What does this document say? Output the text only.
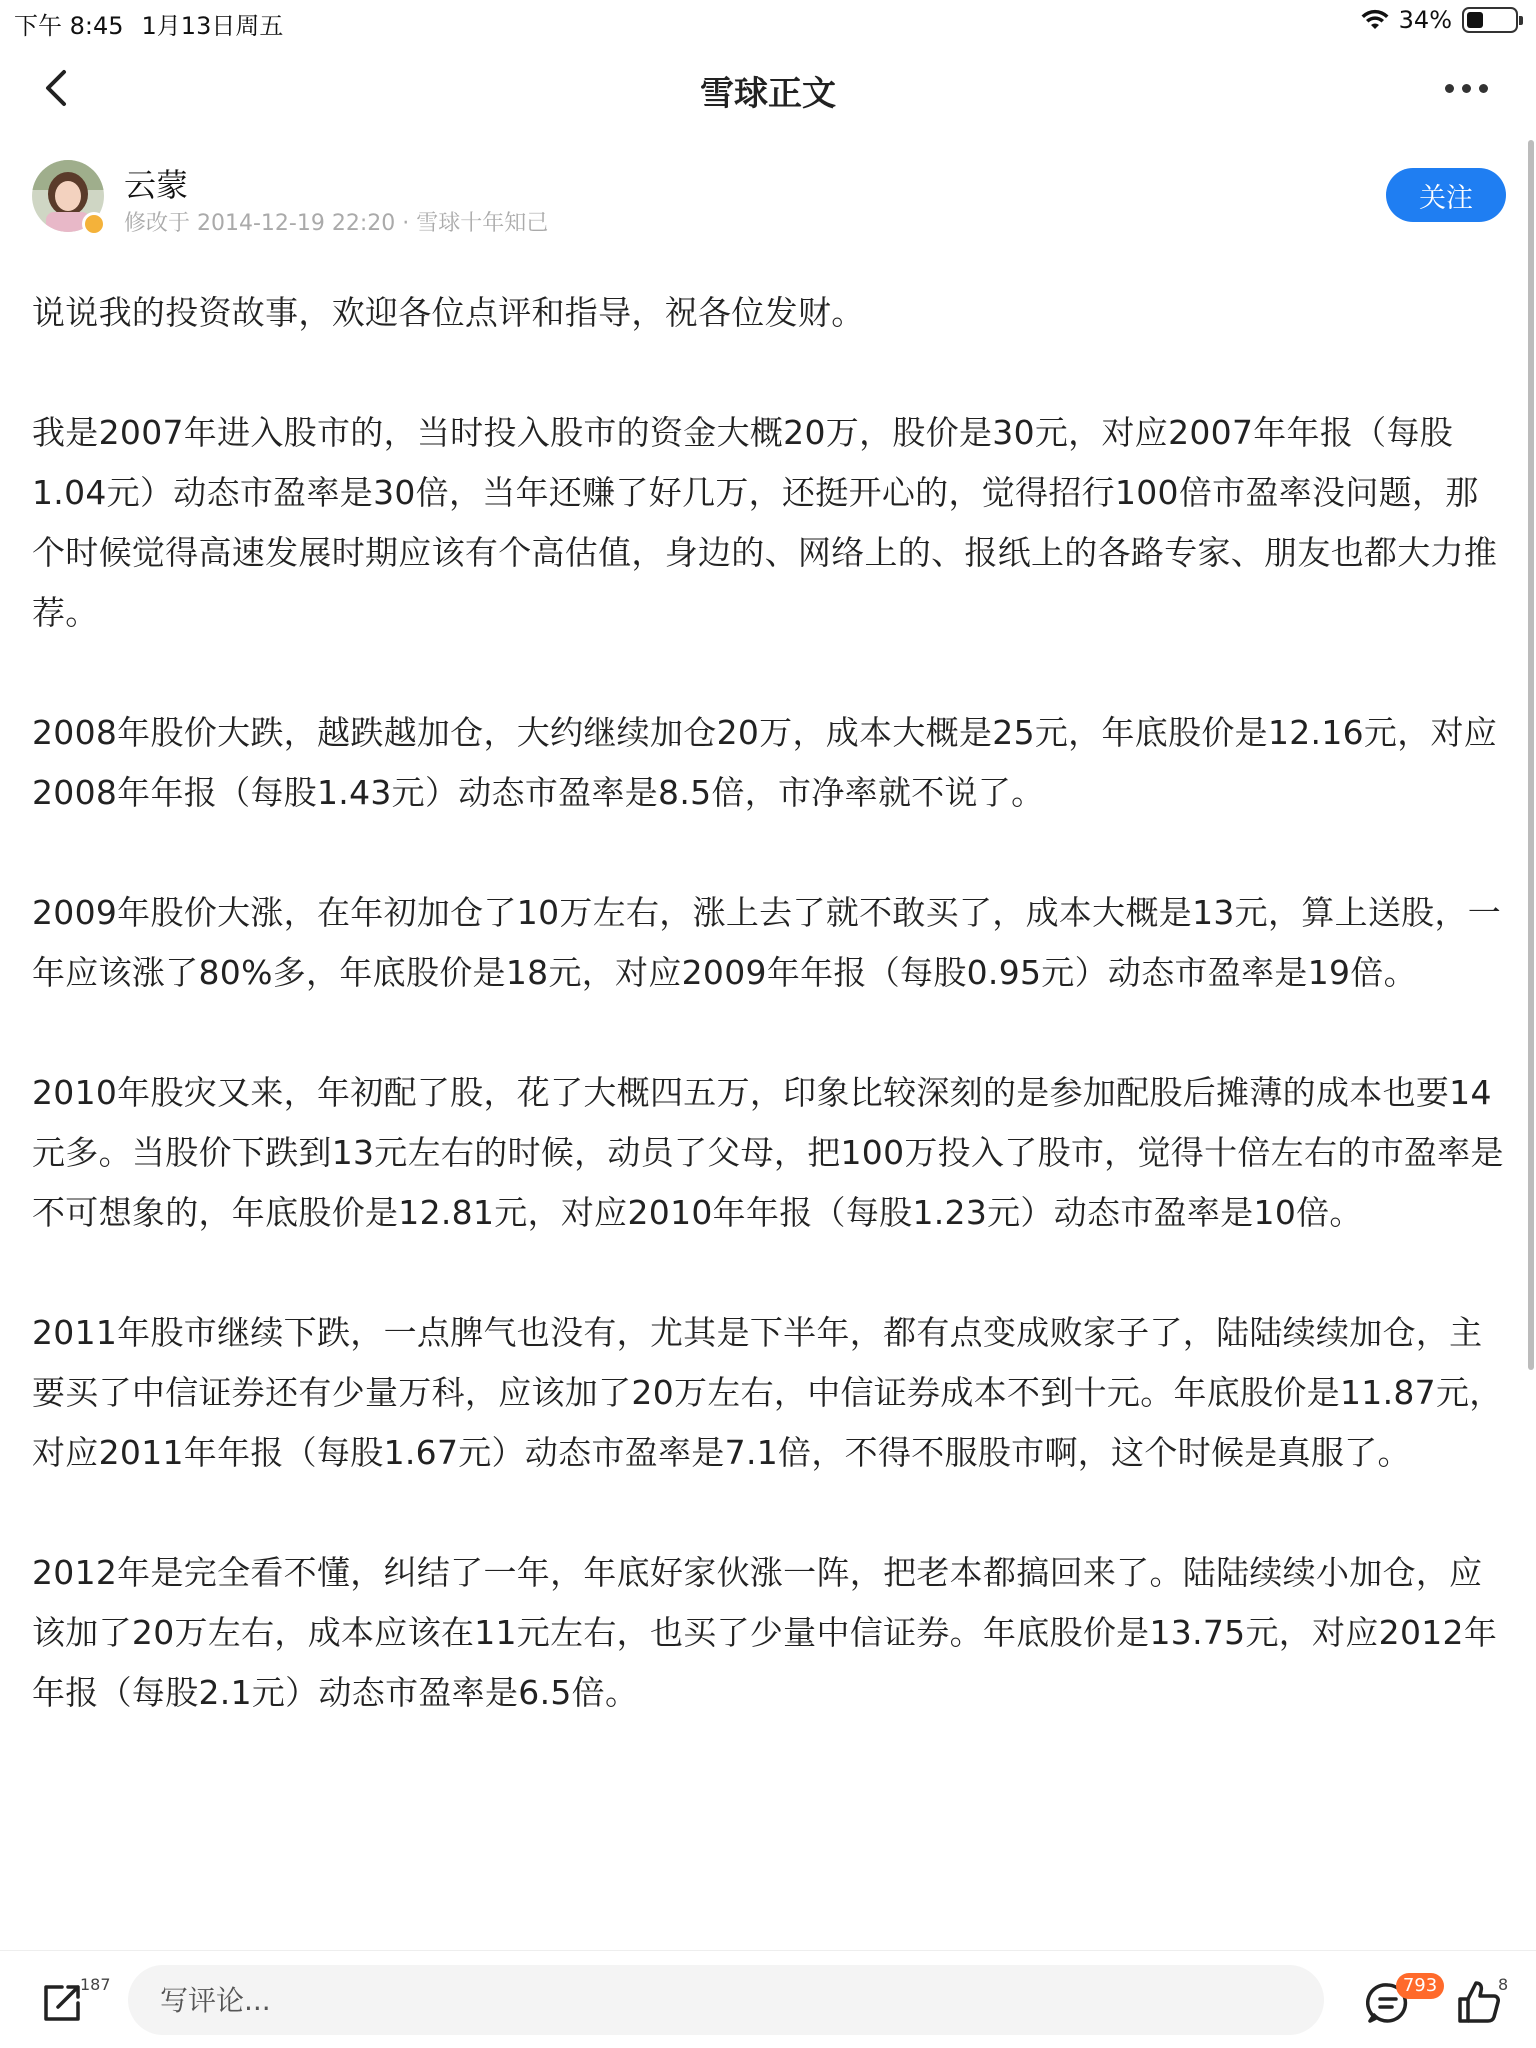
下午 8:45 1月13日周五	34%
雪球正文
云蒙
修改于 2014-12-19 22:20 · 雪球十年知己
关注

说说我的投资故事，欢迎各位点评和指导，祝各位发财。

我是2007年进入股市的，当时投入股市的资金大概20万，股价是30元，对应2007年年报（每股1.04元）动态市盈率是30倍，当年还赚了好几万，还挺开心的，觉得招行100倍市盈率没问题，那个时候觉得高速发展时期应该有个高估值，身边的、网络上的、报纸上的各路专家、朋友也都大力推荐。

2008年股价大跌，越跌越加仓，大约继续加仓20万，成本大概是25元，年底股价是12.16元，对应2008年年报（每股1.43元）动态市盈率是8.5倍，市净率就不说了。

2009年股价大涨，在年初加仓了10万左右，涨上去了就不敢买了，成本大概是13元，算上送股，一年应该涨了80%多，年底股价是18元，对应2009年年报（每股0.95元）动态市盈率是19倍。

2010年股灾又来，年初配了股，花了大概四五万，印象比较深刻的是参加配股后摊薄的成本也要14元多。当股价下跌到13元左右的时候，动员了父母，把100万投入了股市，觉得十倍左右的市盈率是不可想象的，年底股价是12.81元，对应2010年年报（每股1.23元）动态市盈率是10倍。

2011年股市继续下跌，一点脾气也没有，尤其是下半年，都有点变成败家子了，陆陆续续加仓，主要买了中信证券还有少量万科，应该加了20万左右，中信证券成本不到十元。年底股价是11.87元，对应2011年年报（每股1.67元）动态市盈率是7.1倍，不得不服股市啊，这个时候是真服了。

2012年是完全看不懂，纠结了一年，年底好家伙涨一阵，把老本都搞回来了。陆陆续续小加仓，应该加了20万左右，成本应该在11元左右，也买了少量中信证券。年底股价是13.75元，对应2012年年报（每股2.1元）动态市盈率是6.5倍。

187
写评论...	793	8
